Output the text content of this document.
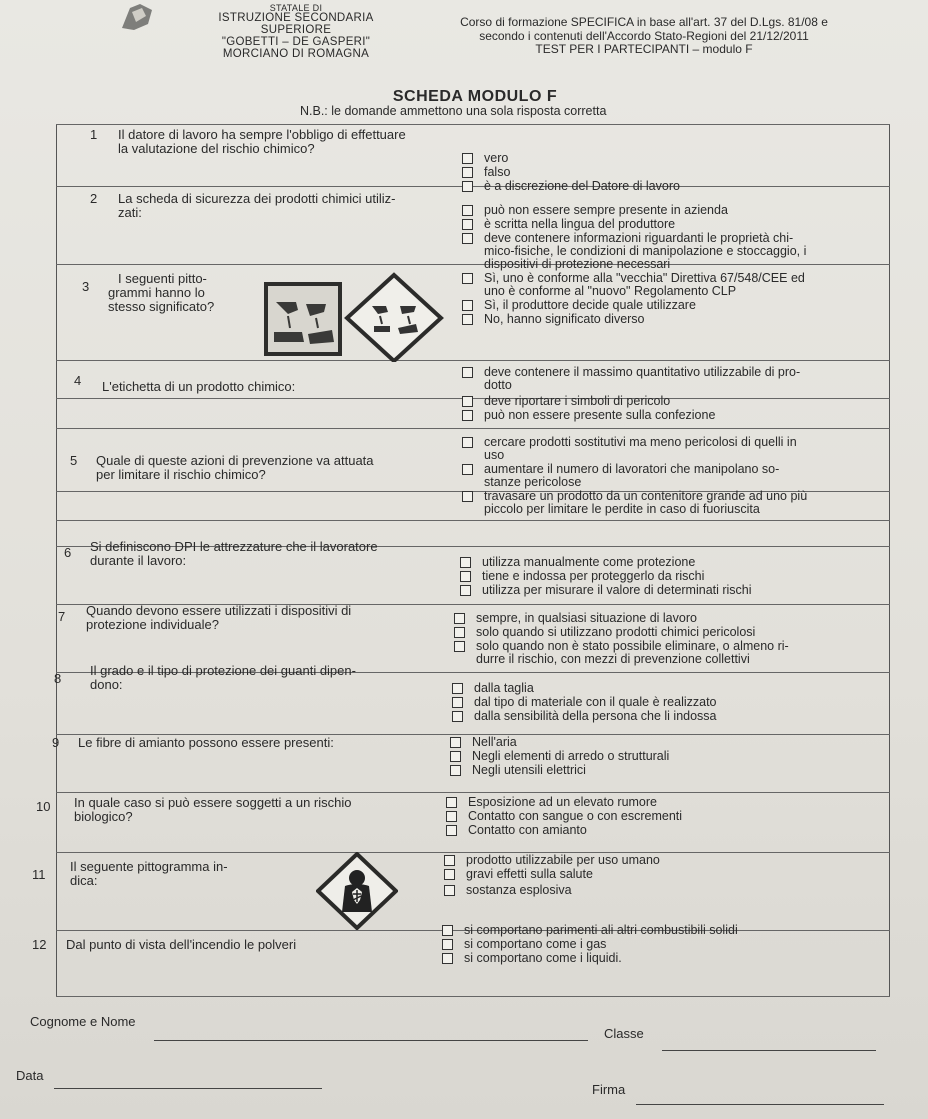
STATALE DI
ISTRUZIONE SECONDARIA
SUPERIORE
"GOBETTI – DE GASPERI"
MORCIANO DI ROMAGNA
Corso di formazione SPECIFICA in base all'art. 37 del D.Lgs. 81/08 e
secondo i contenuti dell'Accordo Stato-Regioni del 21/12/2011
TEST PER I PARTECIPANTI – modulo F
SCHEDA MODULO F
N.B.: le domande ammettono una sola risposta corretta
1 Il datore di lavoro ha sempre l'obbligo di effettuare
la valutazione del rischio chimico?
vero
falso
è a discrezione del Datore di lavoro
2 La scheda di sicurezza dei prodotti chimici utiliz-
zati:	può non essere sempre presente in azienda
è scritta nella lingua del produttore
deve contenere informazioni riguardanti le proprietà chi-
mico-fisiche, le condizioni di manipolazione e stoccaggio, i
dispositivi di protezione necessari
3
I seguenti pitto-
grammi hanno lo
stesso significato?
Sì, uno è conforme alla "vecchia" Direttiva 67/548/CEE ed
uno è conforme al "nuovo" Regolamento CLP
Sì, il produttore decide quale utilizzare
No, hanno significato diverso
4 L'etichetta di un prodotto chimico:
deve contenere il massimo quantitativo utilizzabile di pro-
dotto
deve riportare i simboli di pericolo
può non essere presente sulla confezione
5 Quale di queste azioni di prevenzione va attuata
per limitare il rischio chimico?
cercare prodotti sostitutivi ma meno pericolosi di quelli in
uso
aumentare il numero di lavoratori che manipolano so-
stanze pericolose
travasare un prodotto da un contenitore grande ad uno più
piccolo per limitare le perdite in caso di fuoriuscita
6 Si definiscono DPI le attrezzature che il lavoratore
durante il lavoro:	utilizza manualmente come protezione
tiene e indossa per proteggerlo da rischi
utilizza per misurare il valore di determinati rischi
7 Quando devono essere utilizzati i dispositivi di
protezione individuale?	sempre, in qualsiasi situazione di lavoro
solo quando si utilizzano prodotti chimici pericolosi
solo quando non è stato possibile eliminare, o almeno ri-
durre il rischio, con mezzi di prevenzione collettivi
8
Il grado e il tipo di protezione dei guanti dipen-
dono:	dalla taglia
dal tipo di materiale con il quale è realizzato
dalla sensibilità della persona che li indossa
9 Le fibre di amianto possono essere presenti:	Nell'aria
Negli elementi di arredo o strutturali
Negli utensili elettrici
10 In quale caso si può essere soggetti a un rischio
biologico?
Esposizione ad un elevato rumore
Contatto con sangue o con escrementi
Contatto con amianto
11
Il seguente pittogramma in-
dica:
prodotto utilizzabile per uso umano
gravi effetti sulla salute
sostanza esplosiva
12 Dal punto di vista dell'incendio le polveri
si comportano parimenti ali altri combustibili solidi
si comportano come i gas
si comportano come i liquidi.
Cognome e Nome
Classe
Data
Firma
